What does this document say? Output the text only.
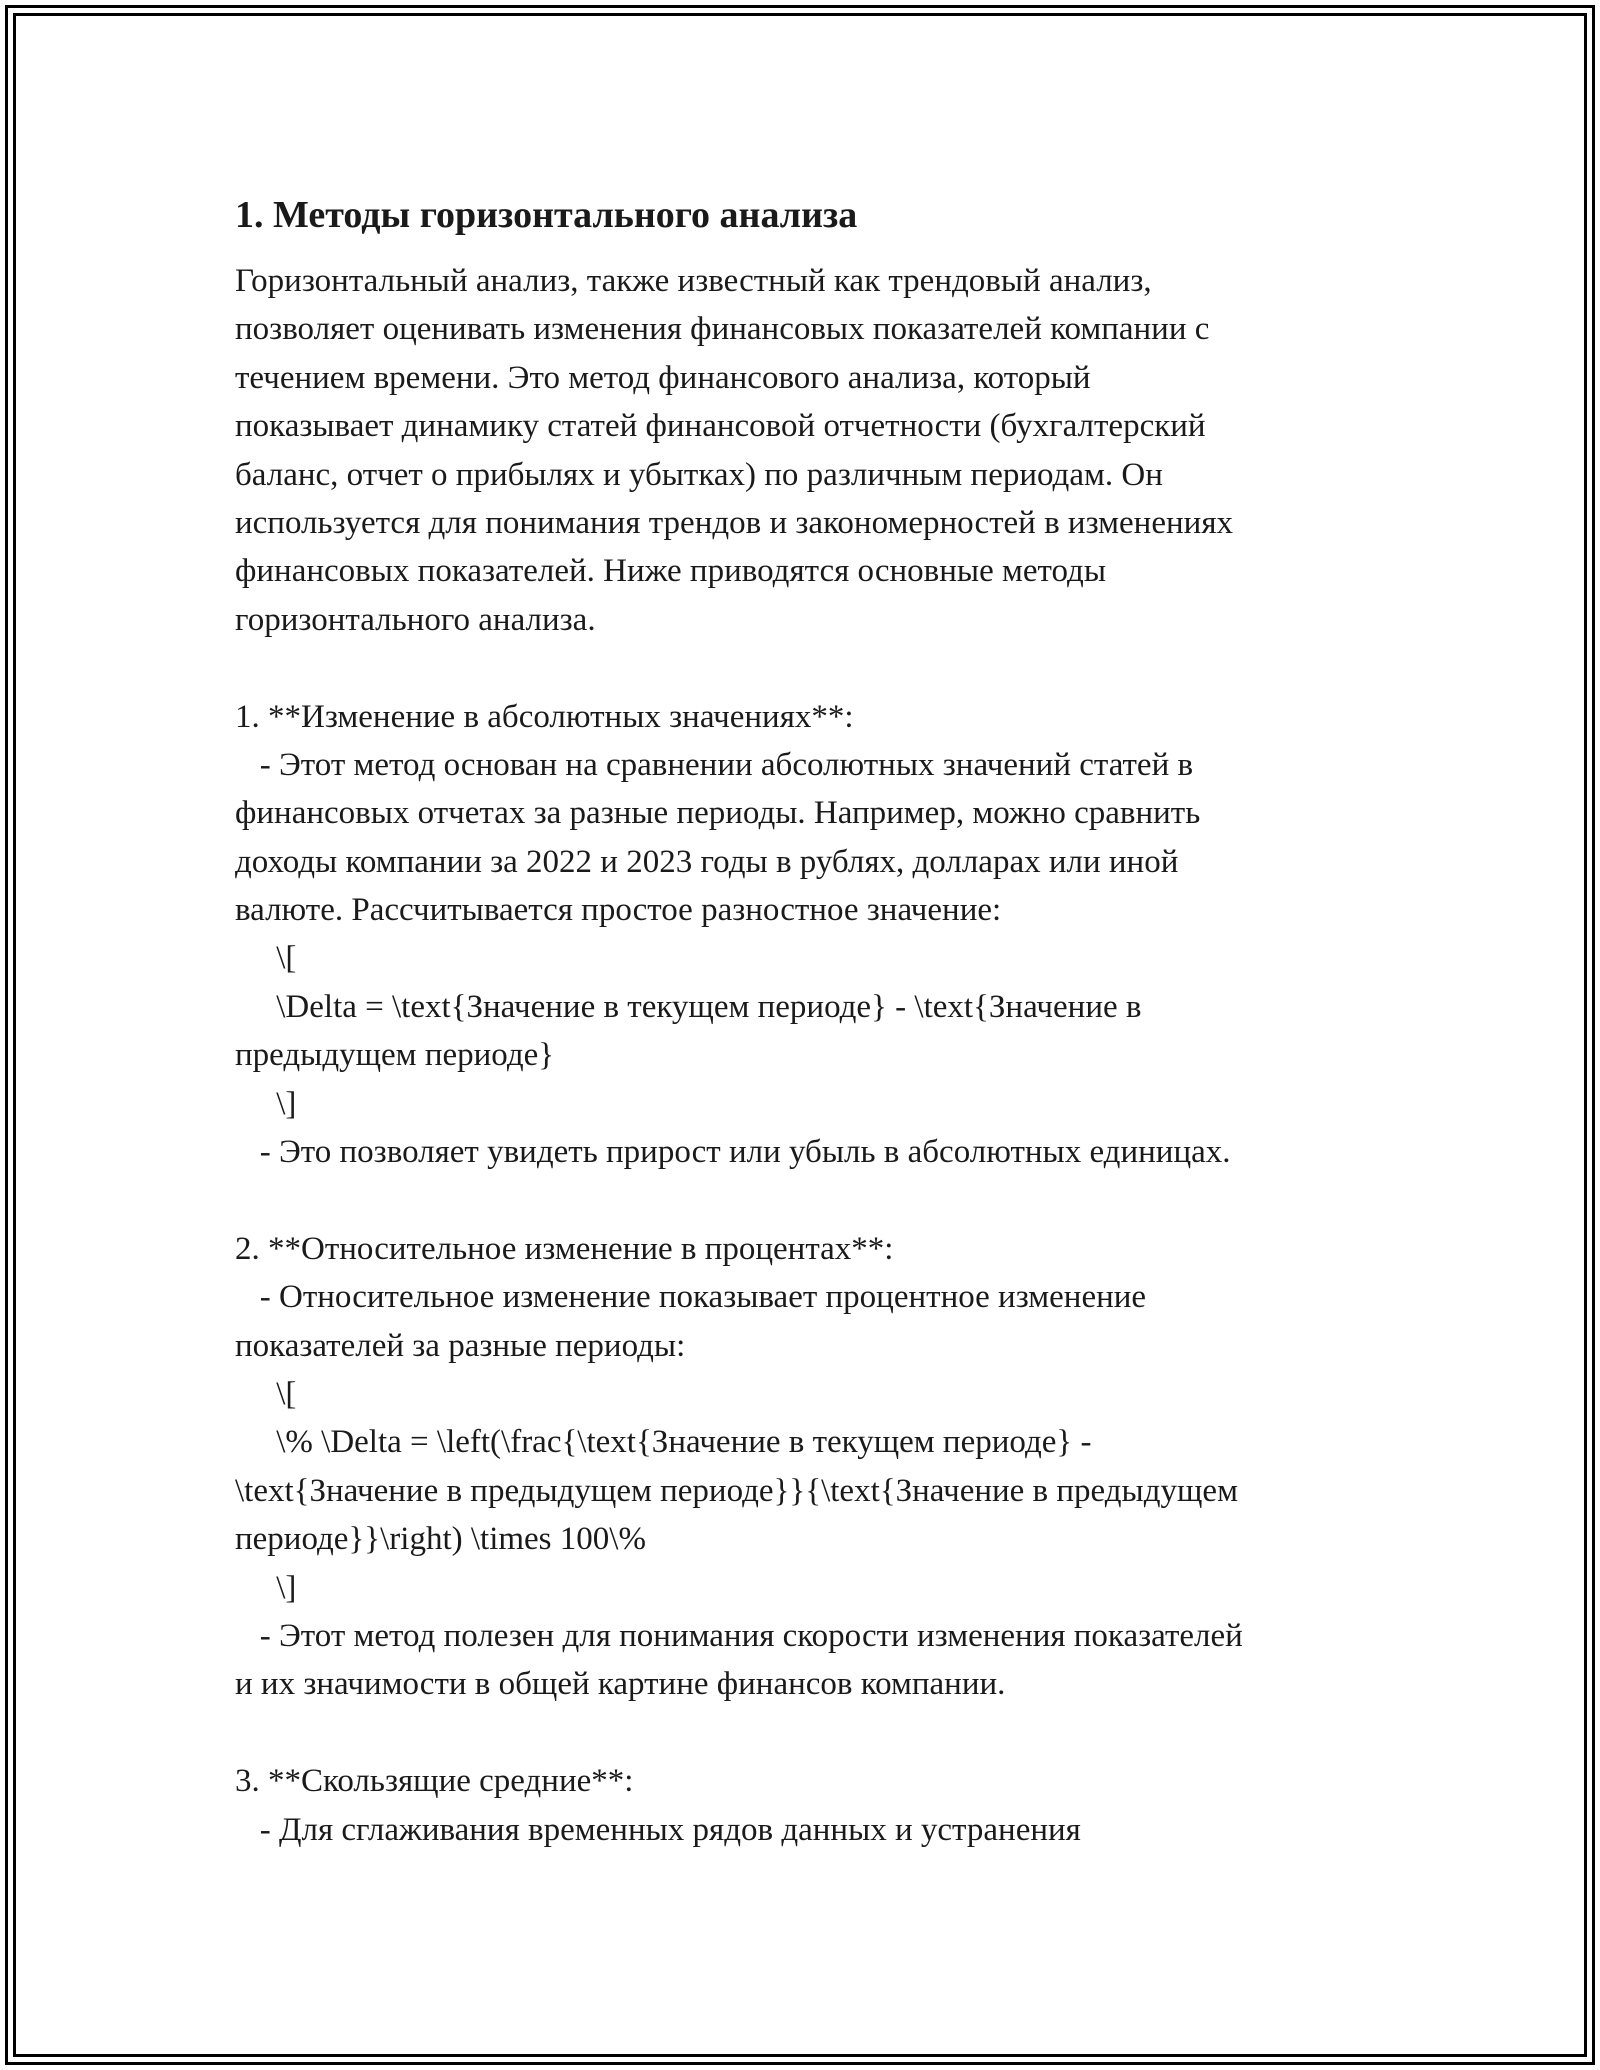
1. Методы горизонтального анализа
Горизонтальный анализ, также известный как трендовый анализ,
позволяет оценивать изменения финансовых показателей компании с
течением времени. Это метод финансового анализа, который
показывает динамику статей финансовой отчетности (бухгалтерский
баланс, отчет о прибылях и убытках) по различным периодам. Он
используется для понимания трендов и закономерностей в изменениях
финансовых показателей. Ниже приводятся основные методы
горизонтального анализа.
1. **Изменение в абсолютных значениях**:
- Этот метод основан на сравнении абсолютных значений статей в
финансовых отчетах за разные периоды. Например, можно сравнить
доходы компании за 2022 и 2023 годы в рублях, долларах или иной
валюте. Рассчитывается простое разностное значение:
\[
\Delta = \text{Значение в текущем периоде} - \text{Значение в
предыдущем периоде}
\]
- Это позволяет увидеть прирост или убыль в абсолютных единицах.
2. **Относительное изменение в процентах**:
- Относительное изменение показывает процентное изменение
показателей за разные периоды:
\[
\% \Delta = \left(\frac{\text{Значение в текущем периоде} -
\text{Значение в предыдущем периоде}}{\text{Значение в предыдущем
периоде}}\right) \times 100\%
\]
- Этот метод полезен для понимания скорости изменения показателей
и их значимости в общей картине финансов компании.
3. **Скользящие средние**:
- Для сглаживания временных рядов данных и устранения
